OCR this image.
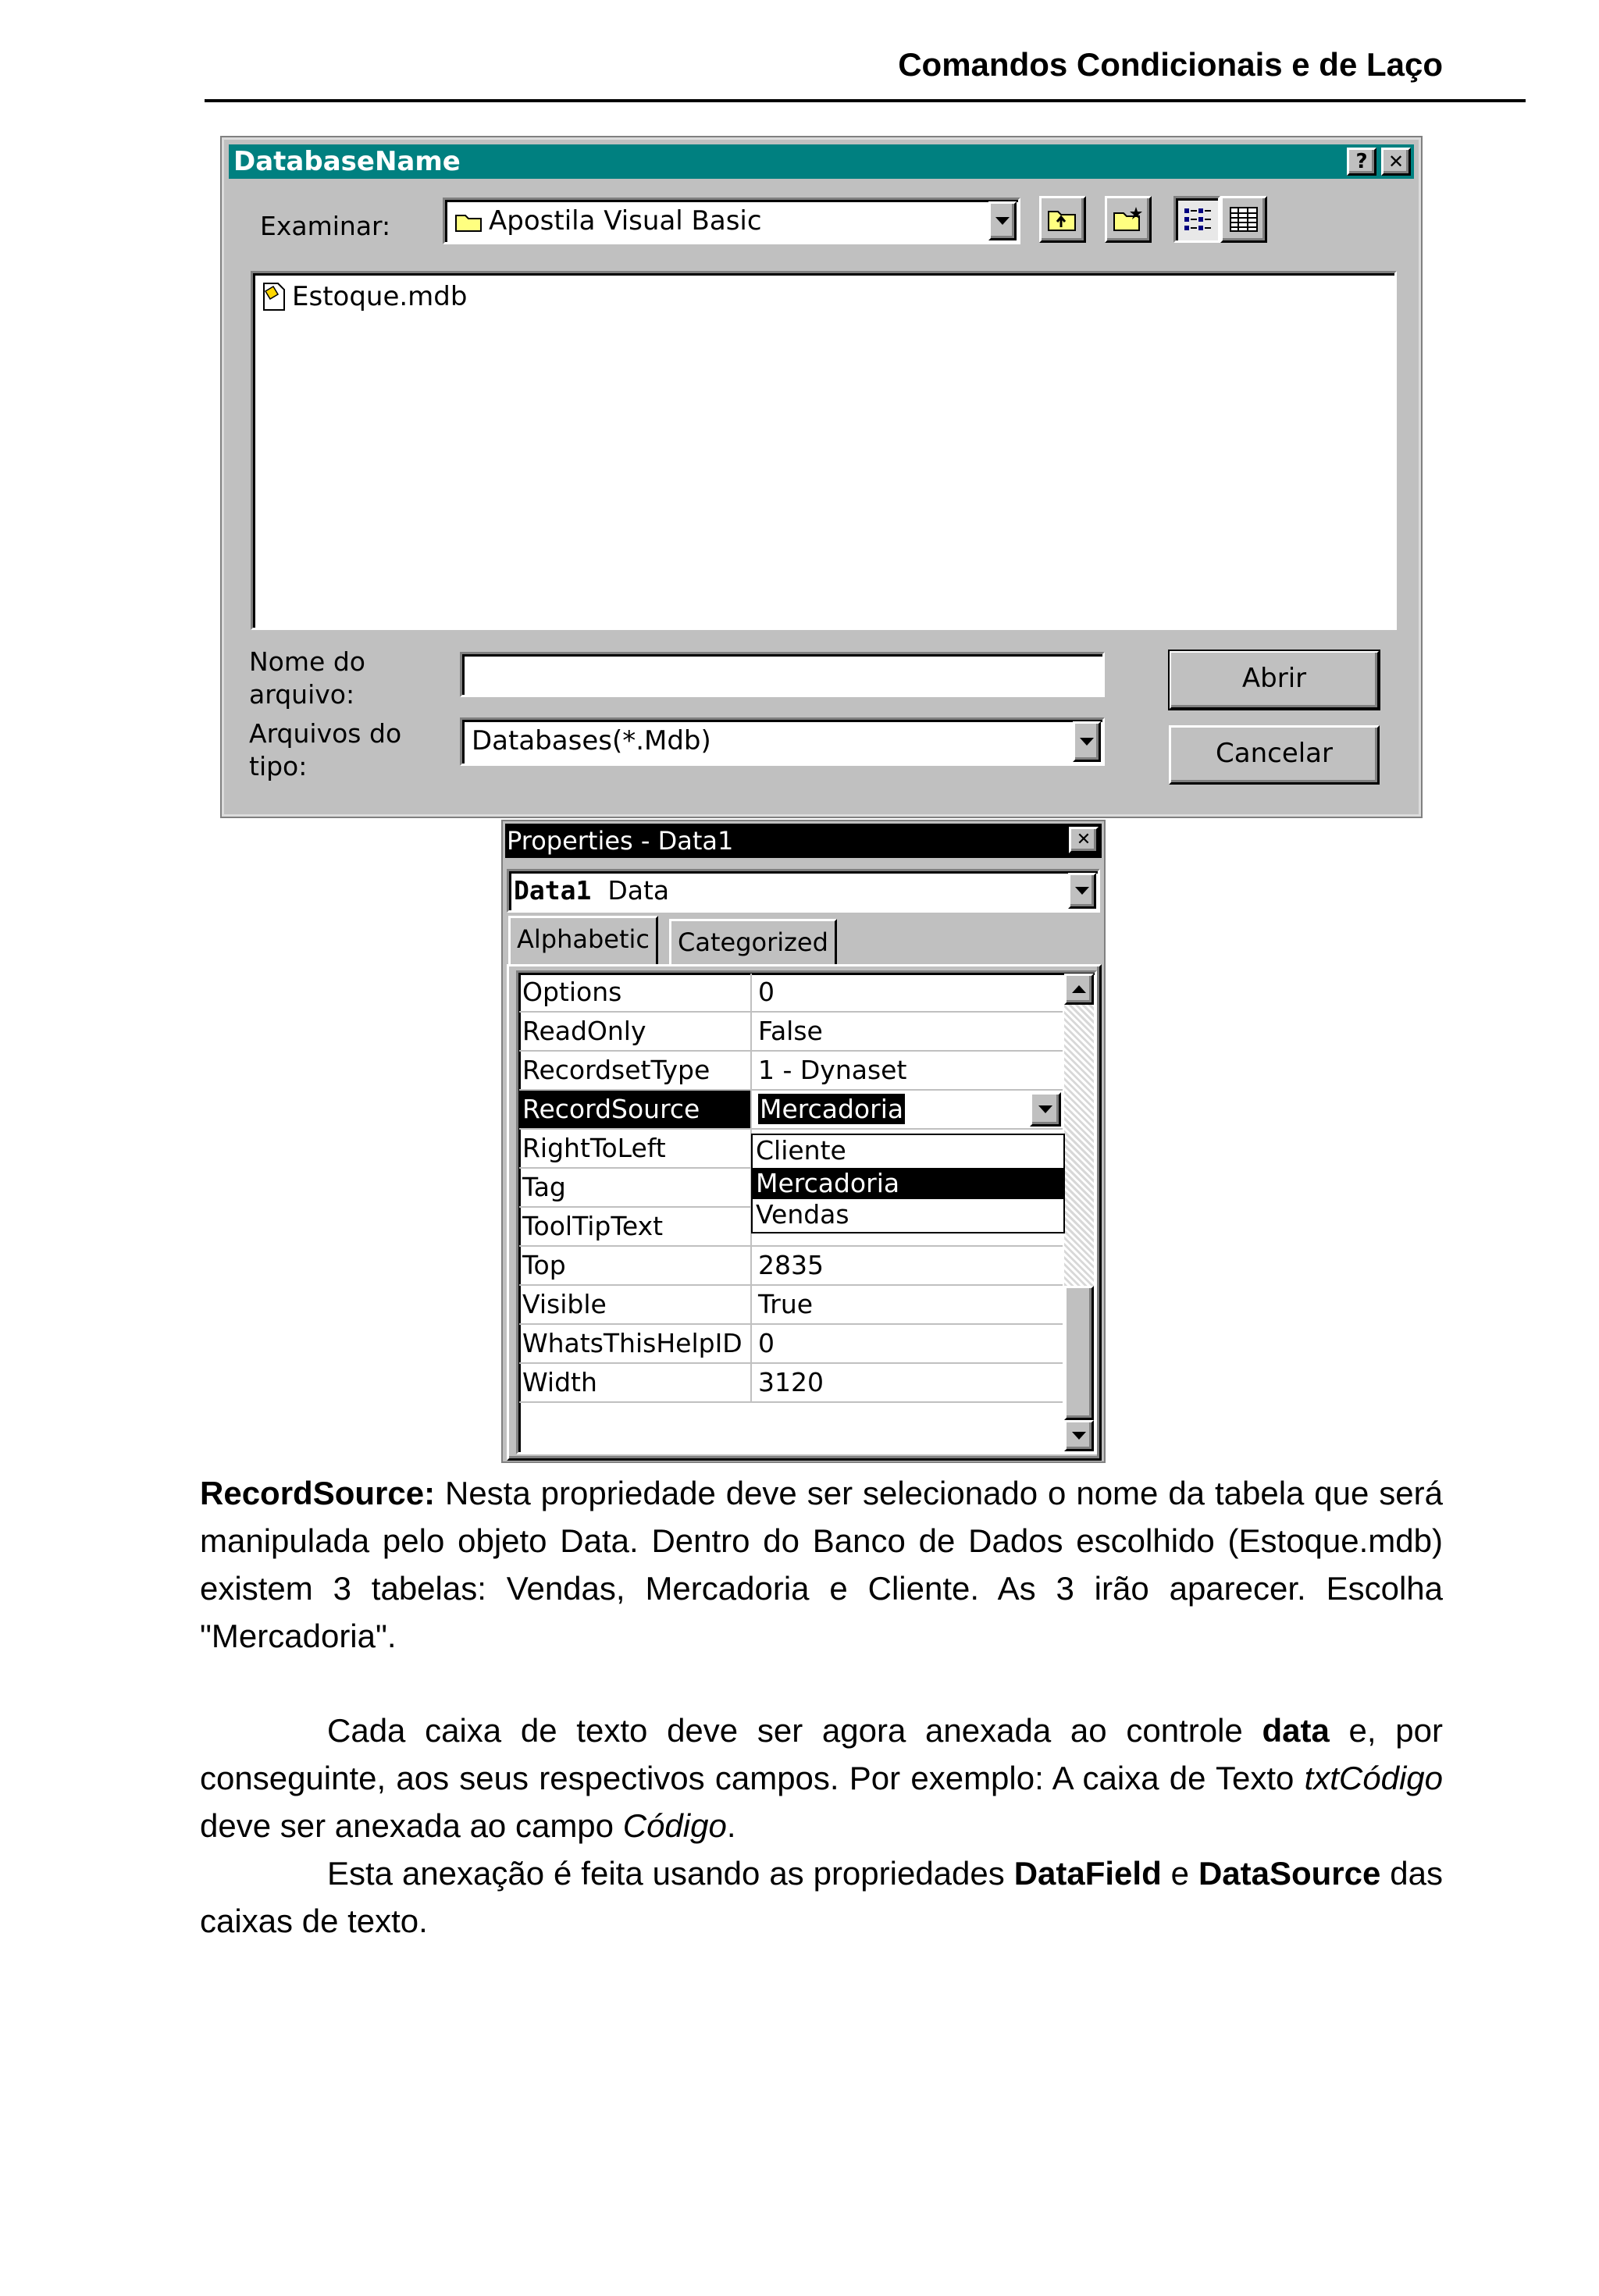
Comandos Condicionais e de Laço
DatabaseName	?	✕
Examinar:	Apostila Visual Basic
Estoque.mdb
Nome do arquivo:
Arquivos do tipo:
Databases(*.Mdb)
Abrir
Cancelar
Properties - Data1	✕
Data1 Data
Alphabetic	Categorized
Options	0
ReadOnly	False
RecordsetType	1 - Dynaset
RecordSource	Mercadoria
RightToLeft
Tag
ToolTipText
Top	2835
Visible	True
WhatsThisHelpID 0
Width	3120
Cliente
Mercadoria
Vendas

RecordSource: Nesta propriedade deve ser selecionado o nome da tabela que será manipulada pelo objeto Data. Dentro do Banco de Dados escolhido (Estoque.mdb) existem 3 tabelas: Vendas, Mercadoria e Cliente. As 3 irão aparecer. Escolha "Mercadoria".

Cada caixa de texto deve ser agora anexada ao controle data e, por conseguinte, aos seus respectivos campos. Por exemplo: A caixa de Texto txtCódigo deve ser anexada ao campo Código.

Esta anexação é feita usando as propriedades DataField e DataSource das caixas de texto.
